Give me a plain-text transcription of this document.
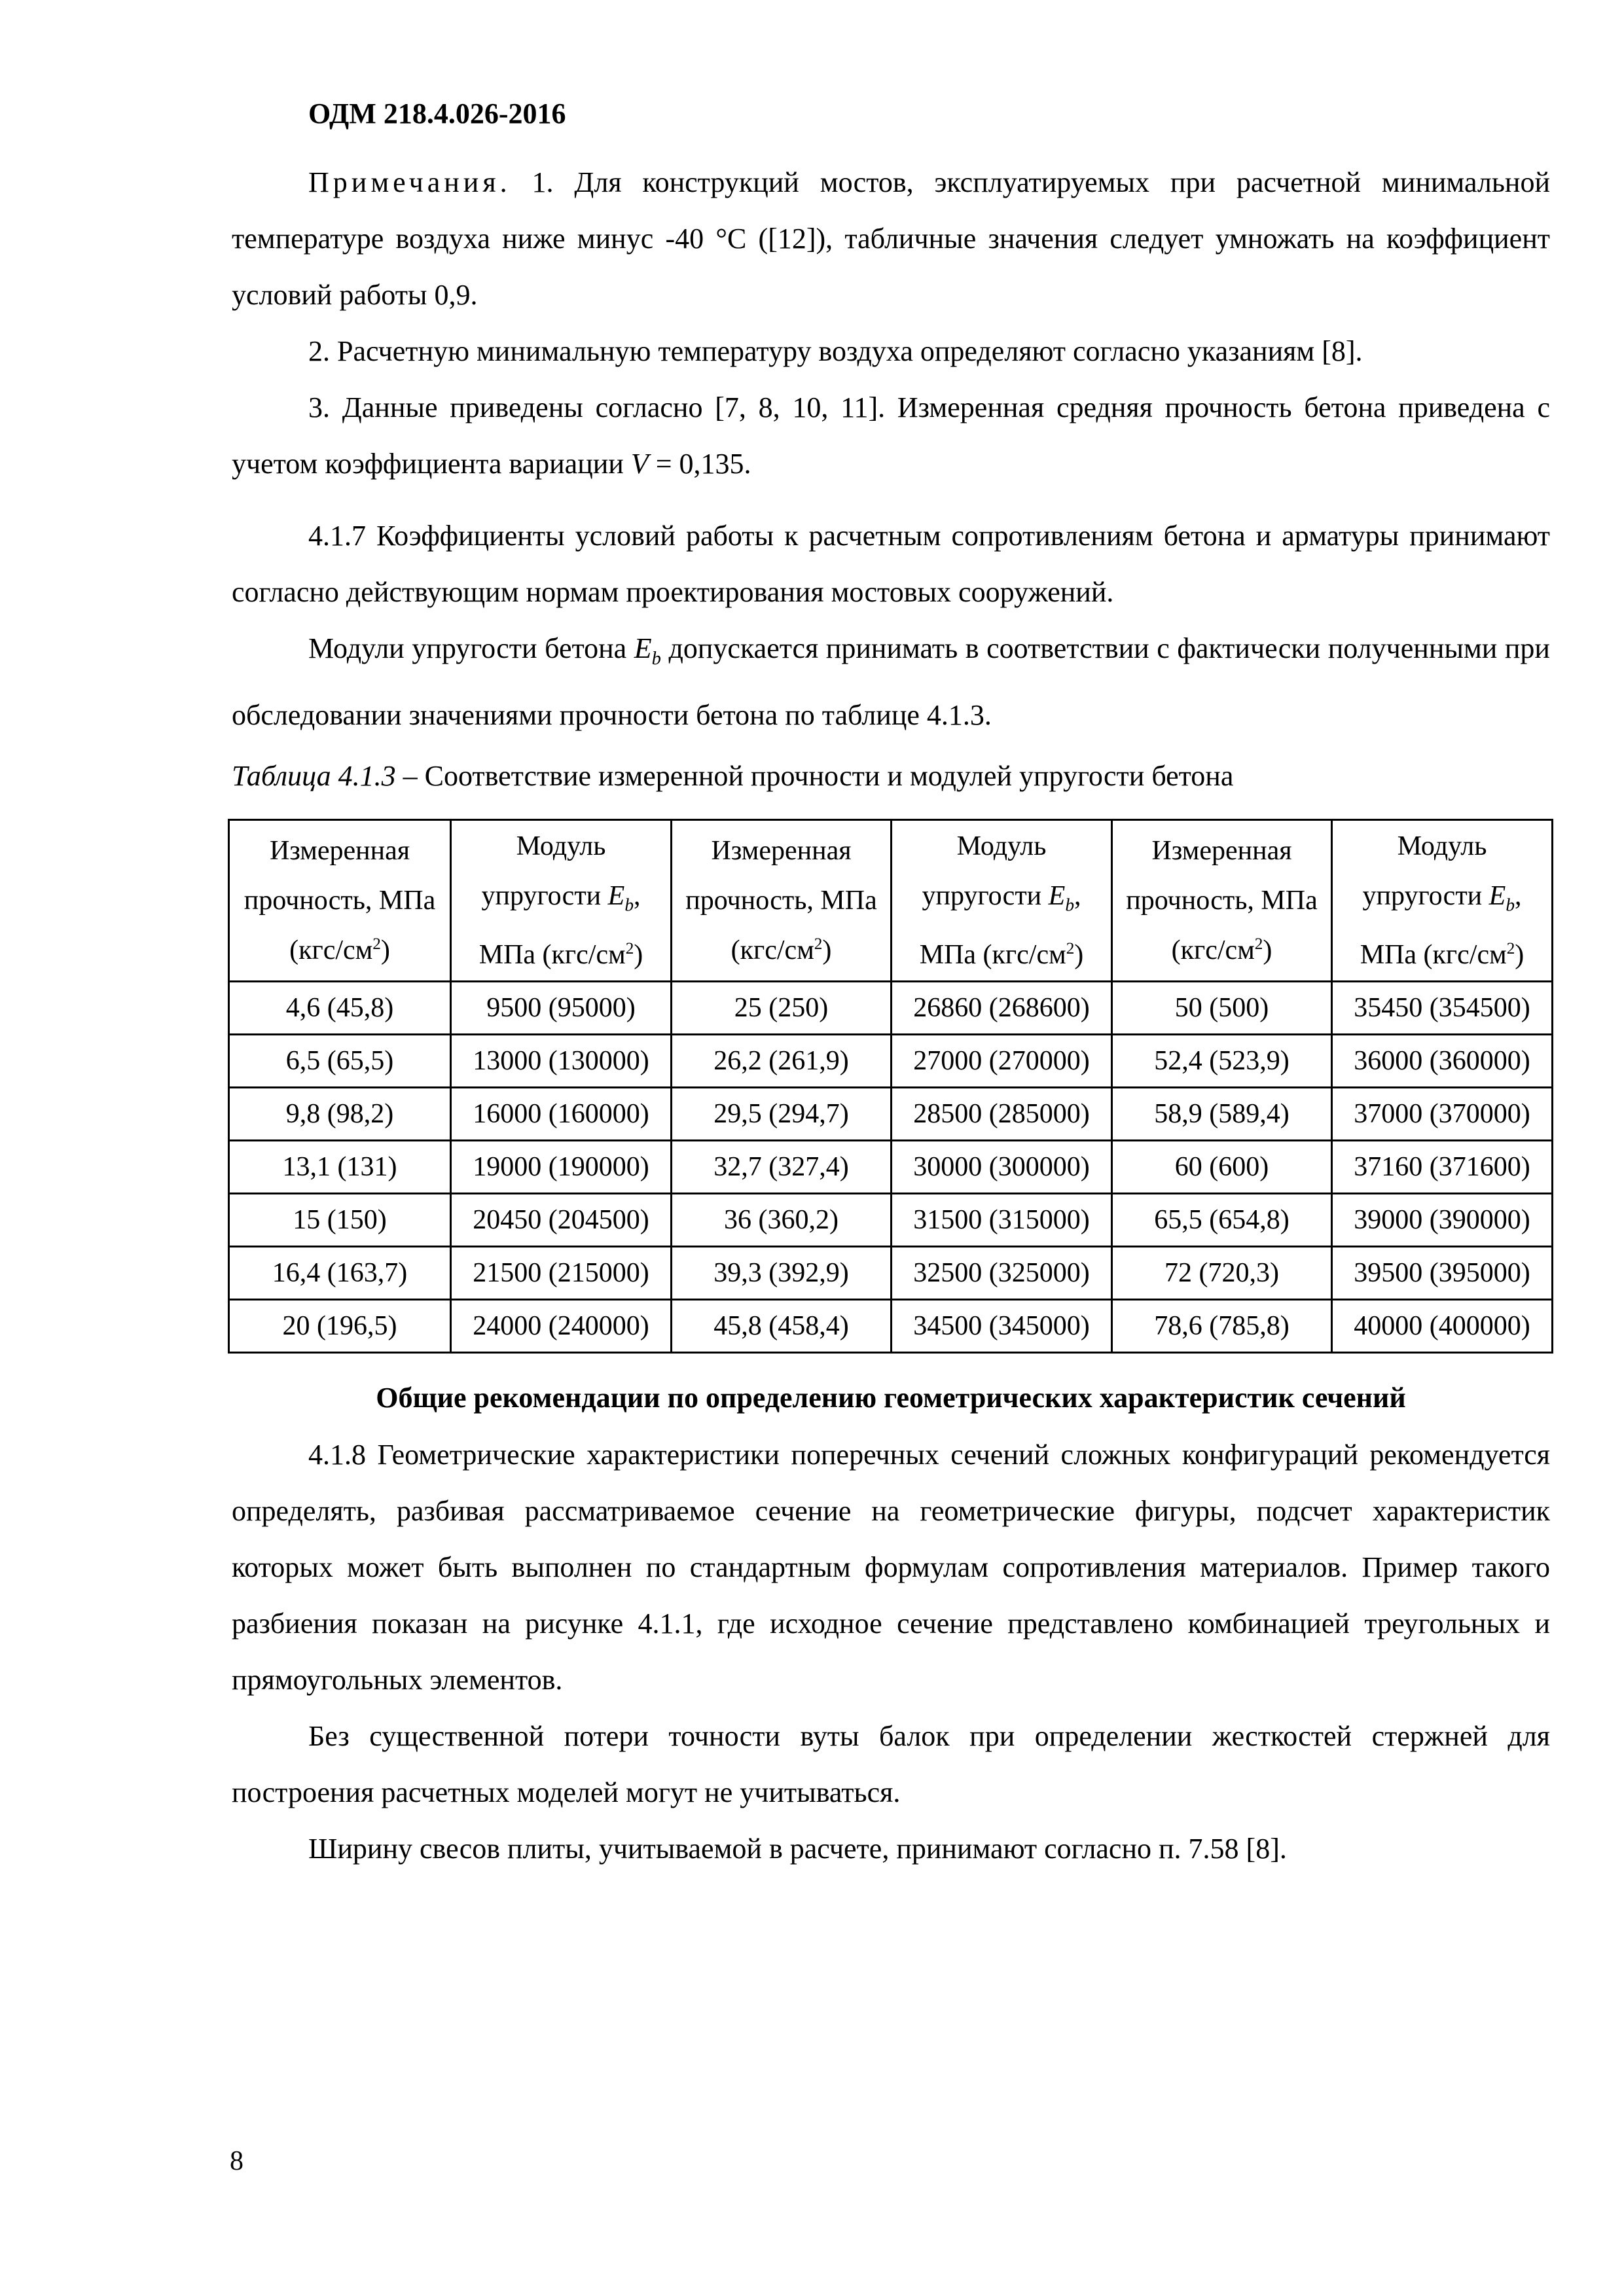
ОДМ 218.4.026-2016

Примечания. 1. Для конструкций мостов, эксплуатируемых при расчетной минимальной температуре воздуха ниже минус -40 °С ([12]), табличные значения следует умножать на коэффициент условий работы 0,9.

2. Расчетную минимальную температуру воздуха определяют согласно указаниям [8].

3. Данные приведены согласно [7, 8, 10, 11]. Измеренная средняя прочность бетона приведена с учетом коэффициента вариации V = 0,135.

4.1.7 Коэффициенты условий работы к расчетным сопротивлениям бетона и арматуры принимают согласно действующим нормам проектирования мостовых сооружений.

Модули упругости бетона $E_b$ допускается принимать в соответствии с фактически полученными при обследовании значениями прочности бетона по таблице 4.1.3.

Таблица 4.1.3 – Соответствие измеренной прочности и модулей упругости бетона
Измеренная
прочность, МПа
$(кгс/см^2)$	Модуль
упругости $E_b$,
МПа $(кгс/см^2)$	Измеренная
прочность, МПа
$(кгс/см^2)$	Модуль
упругости $E_b$,
МПа $(кгс/см^2)$	Измеренная
прочность, МПа
$(кгс/см^2)$	Модуль
упругости $E_b$,
МПа $(кгс/см^2)$
4,6 (45,8)	9500 (95000)	25 (250)	26860 (268600)	50 (500)	35450 (354500)
6,5 (65,5)	13000 (130000)	26,2 (261,9)	27000 (270000)	52,4 (523,9)	36000 (360000)
9,8 (98,2)	16000 (160000)	29,5 (294,7)	28500 (285000)	58,9 (589,4)	37000 (370000)
13,1 (131)	19000 (190000)	32,7 (327,4)	30000 (300000)	60 (600)	37160 (371600)
15 (150)	20450 (204500)	36 (360,2)	31500 (315000)	65,5 (654,8)	39000 (390000)
16,4 (163,7)	21500 (215000)	39,3 (392,9)	32500 (325000)	72 (720,3)	39500 (395000)
20 (196,5)	24000 (240000)	45,8 (458,4)	34500 (345000)	78,6 (785,8)	40000 (400000)
Общие рекомендации по определению геометрических характеристик сечений

4.1.8 Геометрические характеристики поперечных сечений сложных конфигураций рекомендуется определять, разбивая рассматриваемое сечение на геометрические фигуры, подсчет характеристик которых может быть выполнен по стандартным формулам сопротивления материалов. Пример такого разбиения показан на рисунке 4.1.1, где исходное сечение представлено комбинацией треугольных и прямоугольных элементов.

Без существенной потери точности вуты балок при определении жесткостей стержней для построения расчетных моделей могут не учитываться.

Ширину свесов плиты, учитываемой в расчете, принимают согласно п. 7.58 [8].

8
